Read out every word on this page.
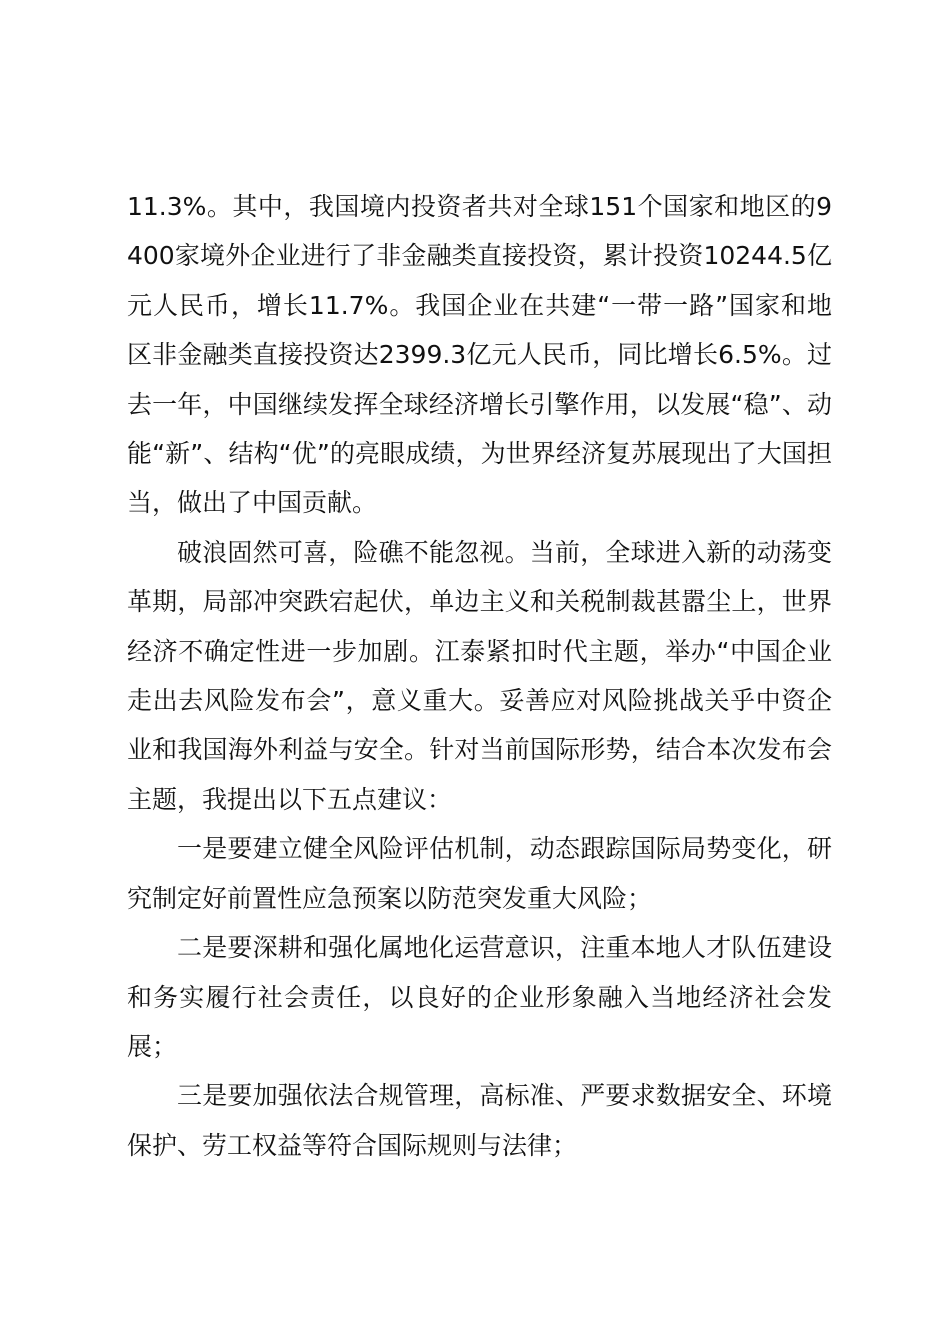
11.3%。其中，我国境内投资者共对全球151个国家和地区的9400家境外企业进行了非金融类直接投资，累计投资10244.5亿元人民币，增长11.7%。我国企业在共建“一带一路”国家和地区非金融类直接投资达2399.3亿元人民币，同比增长6.5%。过去一年，中国继续发挥全球经济增长引擎作用，以发展“稳”、动能“新”、结构“优”的亮眼成绩，为世界经济复苏展现出了大国担当，做出了中国贡献。

破浪固然可喜，险礁不能忽视。当前，全球进入新的动荡变革期，局部冲突跌宕起伏，单边主义和关税制裁甚嚣尘上，世界经济不确定性进一步加剧。江泰紧扣时代主题，举办“中国企业走出去风险发布会”，意义重大。妥善应对风险挑战关乎中资企业和我国海外利益与安全。针对当前国际形势，结合本次发布会主题，我提出以下五点建议：

一是要建立健全风险评估机制，动态跟踪国际局势变化，研究制定好前置性应急预案以防范突发重大风险；

二是要深耕和强化属地化运营意识，注重本地人才队伍建设和务实履行社会责任，以良好的企业形象融入当地经济社会发展；

三是要加强依法合规管理，高标准、严要求数据安全、环境保护、劳工权益等符合国际规则与法律；
